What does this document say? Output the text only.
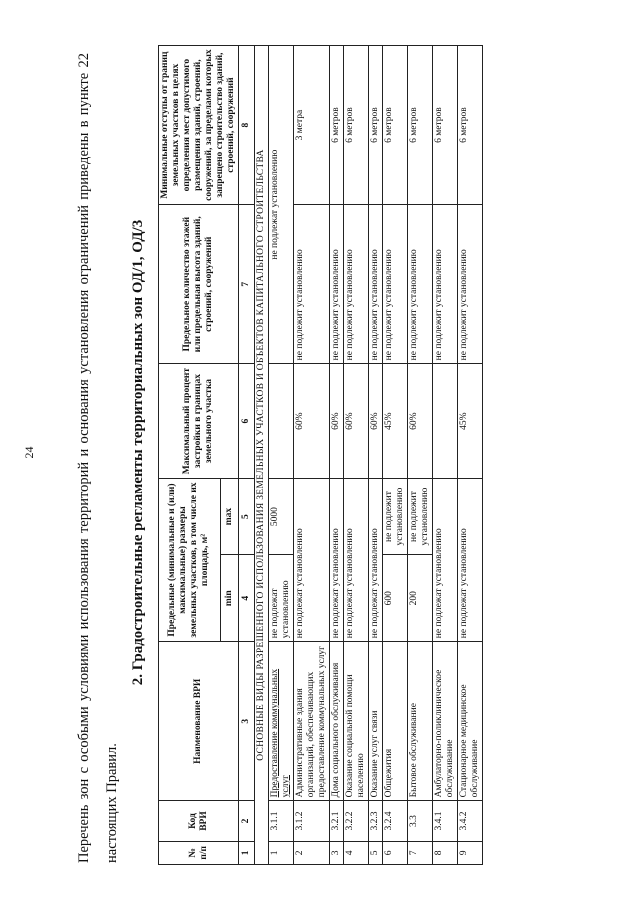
24	Перечень зон с особыми условиями использования территорий и основания установления ограничений приведены в пункте 22 настоящих Правил.
2. Градостроительные регламенты территориальных зон ОД/1, ОД/3
№ п/п	Код ВРИ	Наименование ВРИ	Предельные (минимальные и (или) максимальные) размеры земельных участков, в том числе их площадь, м²		Максимальный процент застройки в границах земельного участка	Предельное количество этажей или предельная высота зданий, строений, сооружений	Минимальные отступы от границ земельных участков в целях определения мест допустимого размещения зданий, строений, сооружений, за пределами которых запрещено строительство зданий, строений, сооружений
			min	max			
1	2	3	4	5	6	7	8
ОСНОВНЫЕ ВИДЫ РАЗРЕШЕННОГО ИСПОЛЬЗОВАНИЯ ЗЕМЕЛЬНЫХ УЧАСТКОВ И ОБЪЕКТОВ КАПИТАЛЬНОГО СТРОИТЕЛЬСТВА							
1	3.1.1	Предоставление коммунальных услуг	не подлежат установлению	5000		не подлежат установлению	
2	3.1.2	Административные здания организаций, обеспечивающих предоставление коммунальных услуг	не подлежат установлению		60%	не подлежит установлению	3 метра
3	3.2.1	Дома социального обслуживания	не подлежат установлению		60%	не подлежит установлению	6 метров
4	3.2.2	Оказание социальной помощи населению	не подлежат установлению		60%	не подлежит установлению	6 метров
5	3.2.3	Оказание услуг связи	не подлежат установлению		60%	не подлежит установлению	6 метров
6	3.2.4	Общежития	600	не подлежит установлению	45%	не подлежит установлению	6 метров
7	3.3	Бытовое обслуживание	200	не подлежит установлению	60%	не подлежит установлению	6 метров
8	3.4.1	Амбулаторно-поликлиническое обслуживание	не подлежат установлению			не подлежит установлению	6 метров
9	3.4.2	Стационарное медицинское обслуживание	не подлежат установлению		45%	не подлежит установлению	6 метров
